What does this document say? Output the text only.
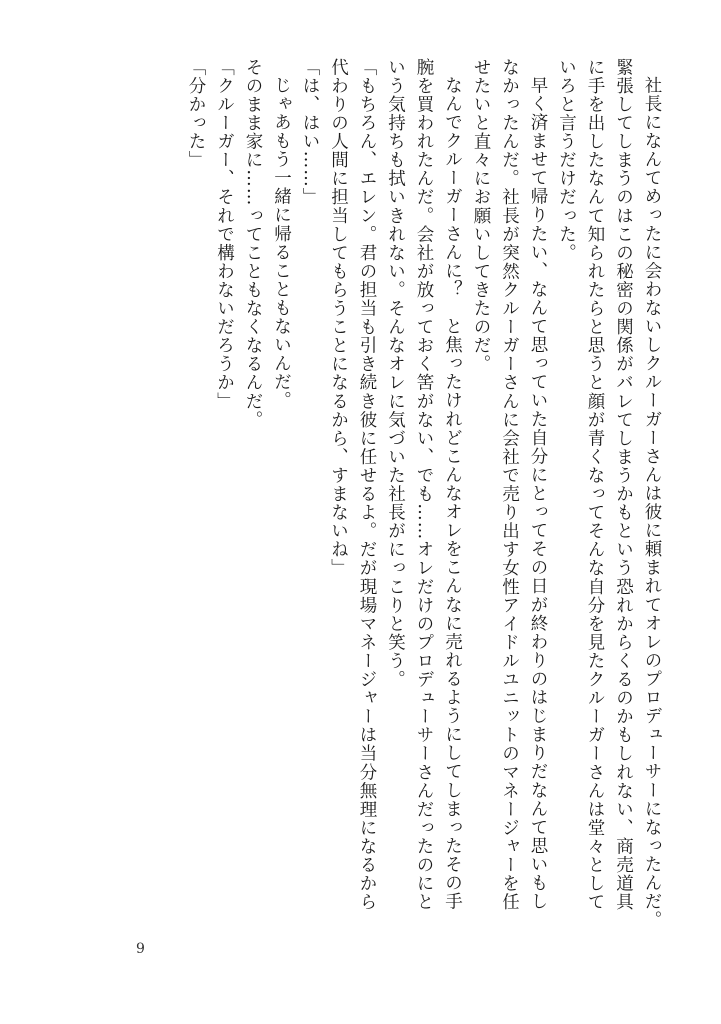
社長になんてめったに会わないしクルーガーさんは彼に頼まれてオレのプロデューサーになったんだ。
緊張してしまうのはこの秘密の関係がバレてしまうかもという恐れからくるのかもしれない、商売道具
に手を出したなんて知られたらと思うと顔が青くなってそんな自分を見たクルーガーさんは堂々として
いろと言うだけだった。
早く済ませて帰りたい、なんて思っていた自分にとってその日が終わりのはじまりだなんて思いもし
なかったんだ。社長が突然クルーガーさんに会社で売り出す女性アイドルユニットのマネージャーを任
せたいと直々にお願いしてきたのだ。
なんでクルーガーさんに？　と焦ったけれどこんなオレをこんなに売れるようにしてしまったその手
腕を買われたんだ。会社が放っておく筈がない、でも……オレだけのプロデューサーさんだったのにと
いう気持ちも拭いきれない。そんなオレに気づいた社長がにっこりと笑う。
「もちろん、エレン。君の担当も引き続き彼に任せるよ。だが現場マネージャーは当分無理になるから
代わりの人間に担当してもらうことになるから、すまないね」
「は、はい……」
じゃあもう一緒に帰ることもないんだ。
そのまま家に……ってこともなくなるんだ。
「クルーガー、それで構わないだろうか」
「分かった」
9
